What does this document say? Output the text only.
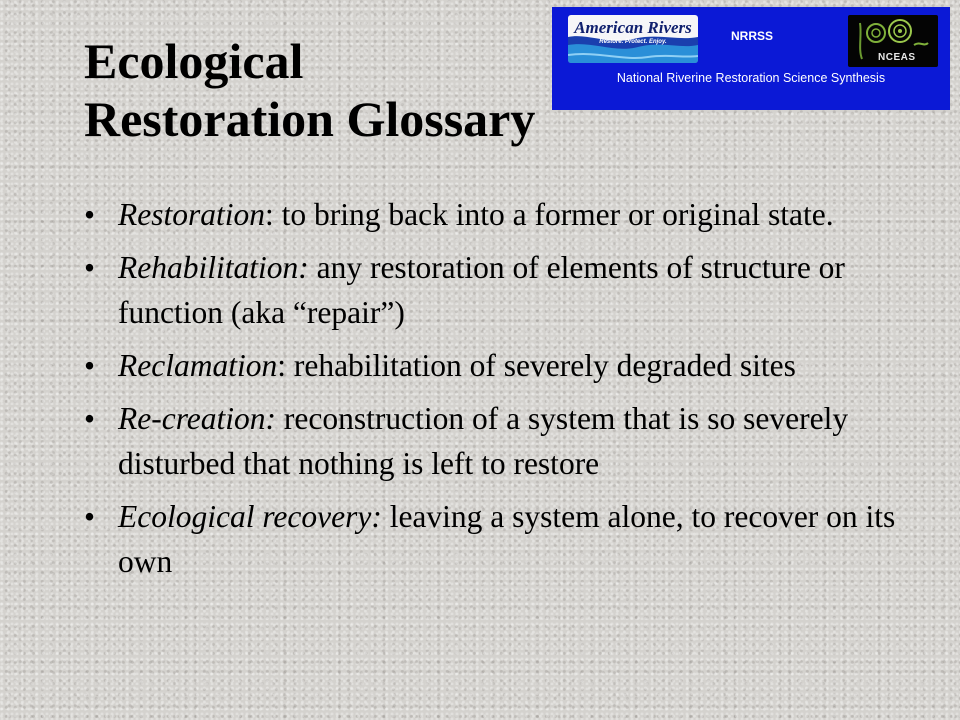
Ecological
Restoration Glossary
American Rivers
Restore. Protect. Enjoy.	NRRSS
NCEAS
National Riverine Restoration Science Synthesis
• Restoration: to bring back into a former or original state.
• Rehabilitation: any restoration of elements of structure or function (aka “repair”)
• Reclamation: rehabilitation of severely degraded sites
• Re-creation: reconstruction of a system that is so severely disturbed that nothing is left to restore
• Ecological recovery: leaving a system alone, to recover on its own
